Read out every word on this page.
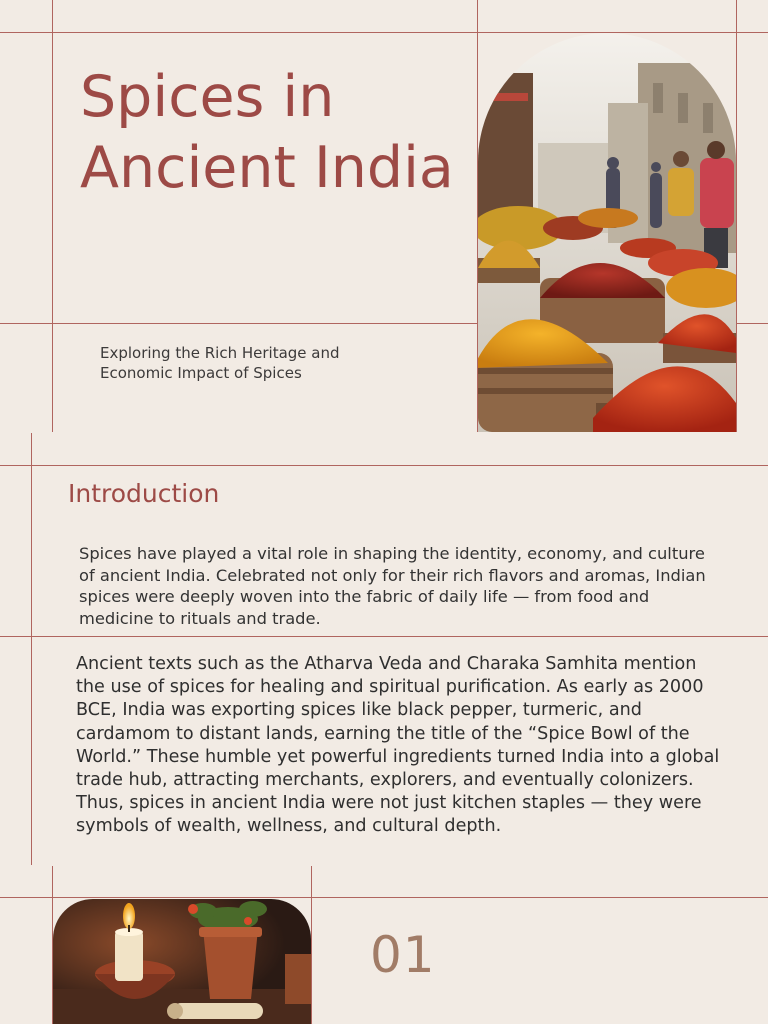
Spices in Ancient India
Exploring the Rich Heritage and Economic Impact of Spices
Introduction

Spices have played a vital role in shaping the identity, economy, and culture of ancient India. Celebrated not only for their rich flavors and aromas, Indian spices were deeply woven into the fabric of daily life — from food and medicine to rituals and trade.

Ancient texts such as the Atharva Veda and Charaka Samhita mention the use of spices for healing and spiritual purification. As early as 2000 BCE, India was exporting spices like black pepper, turmeric, and cardamom to distant lands, earning the title of the “Spice Bowl of the World.” These humble yet powerful ingredients turned India into a global trade hub, attracting merchants, explorers, and eventually colonizers. Thus, spices in ancient India were not just kitchen staples — they were symbols of wealth, wellness, and cultural depth.

01
